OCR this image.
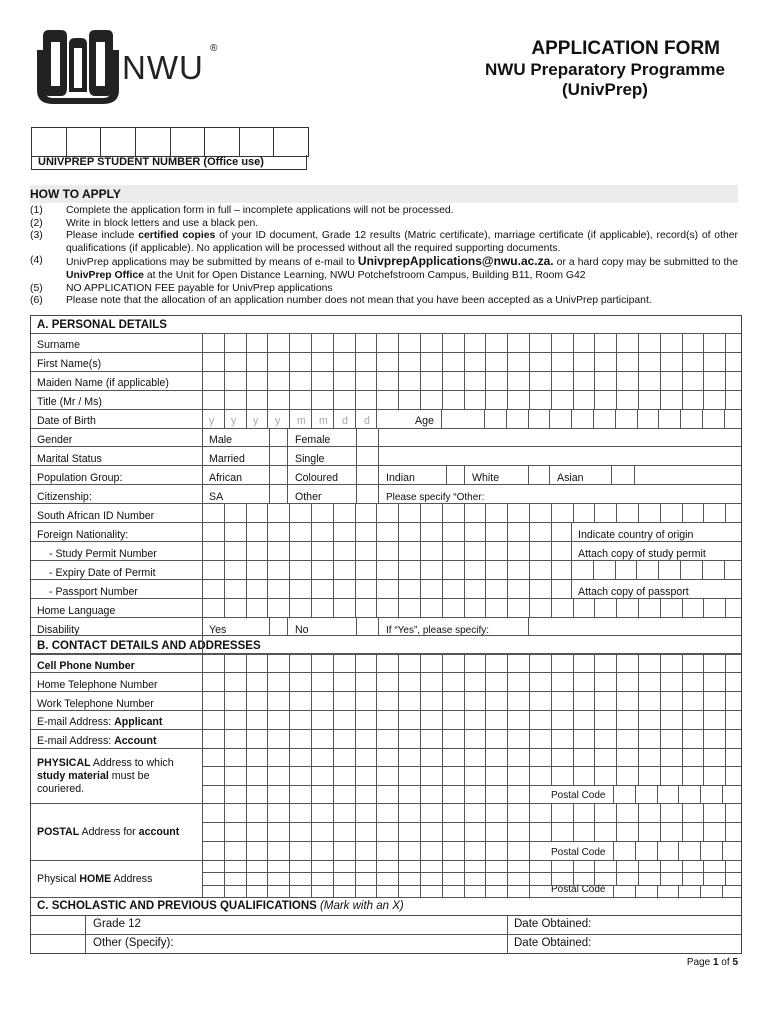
NWU
®	APPLICATION FORM
NWU Preparatory Programme
(UnivPrep)
UNIVPREP STUDENT NUMBER (Office use)
HOW TO APPLY
(1)	Complete the application form in full – incomplete applications will not be processed.
(2)	Write in block letters and use a black pen.
(3)	Please include certified copies of your ID document, Grade 12 results (Matric certificate), marriage certificate (if applicable), record(s) of other qualifications (if applicable). No application will be processed without all the required supporting documents.
(4)	UnivPrep applications may be submitted by means of e-mail to UnivprepApplications@nwu.ac.za. or a hard copy may be submitted to the UnivPrep Office at the Unit for Open Distance Learning, NWU Potchefstroom Campus, Building B11, Room G42
(5)	NO APPLICATION FEE payable for UnivPrep applications
(6)	Please note that the allocation of an application number does not mean that you have been accepted as a UnivPrep participant.
A. PERSONAL DETAILS
Surname
First Name(s)
Maiden Name (if applicable)
Title (Mr / Ms)
Date of Birth	y y y y m m d d	Age
Gender	Male	Female
Marital Status	Married	Single
Population Group:	African	Coloured	Indian	White	Asian
Citizenship:	SA	Other	Please specify “Other:
South African ID Number
Foreign Nationality:	Indicate country of origin
- Study Permit Number	Attach copy of study permit
- Expiry Date of Permit
- Passport Number	Attach copy of passport
Home Language
Disability	Yes	No	If “Yes”, please specify:
B. CONTACT DETAILS AND ADDRESSES
Cell Phone Number
Home Telephone Number
Work Telephone Number
E-mail Address: Applicant
E-mail Address: Account
PHYSICAL Address to which
study material must be
couriered.
Postal Code
POSTAL Address for account
Postal Code
Physical HOME Address
Postal Code
C. SCHOLASTIC AND PREVIOUS QUALIFICATIONS (Mark with an X)
Grade 12	Date Obtained:
Other (Specify):	Date Obtained:
Page 1 of 5
